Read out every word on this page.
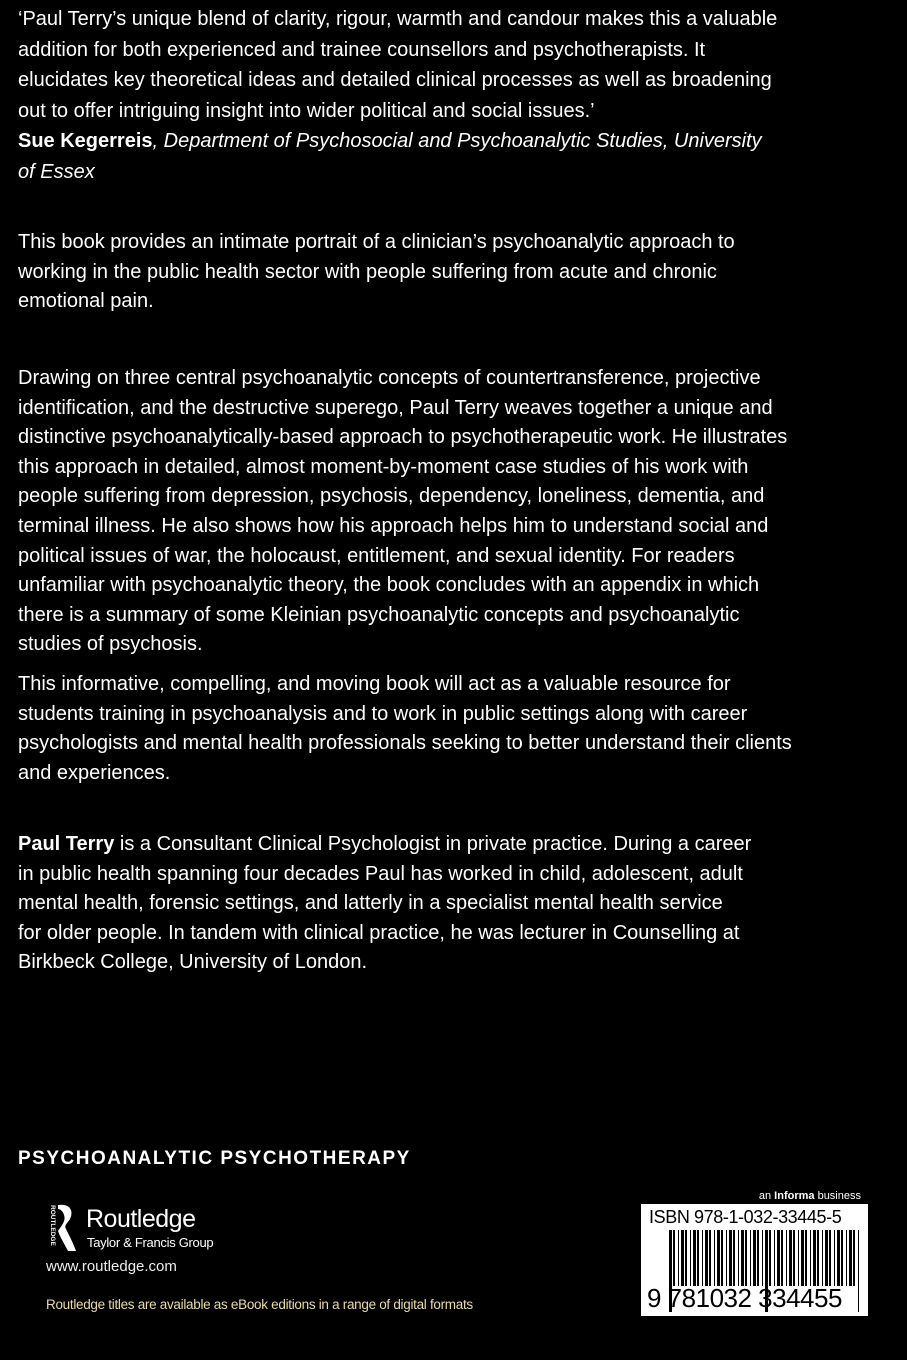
‘Paul Terry’s unique blend of clarity, rigour, warmth and candour makes this a valuable
addition for both experienced and trainee counsellors and psychotherapists. It
elucidates key theoretical ideas and detailed clinical processes as well as broadening
out to offer intriguing insight into wider political and social issues.’
Sue Kegerreis, Department of Psychosocial and Psychoanalytic Studies, University
of Essex
This book provides an intimate portrait of a clinician’s psychoanalytic approach to
working in the public health sector with people suffering from acute and chronic
emotional pain.
Drawing on three central psychoanalytic concepts of countertransference, projective
identification, and the destructive superego, Paul Terry weaves together a unique and
distinctive psychoanalytically-based approach to psychotherapeutic work. He illustrates
this approach in detailed, almost moment-by-moment case studies of his work with
people suffering from depression, psychosis, dependency, loneliness, dementia, and
terminal illness. He also shows how his approach helps him to understand social and
political issues of war, the holocaust, entitlement, and sexual identity. For readers
unfamiliar with psychoanalytic theory, the book concludes with an appendix in which
there is a summary of some Kleinian psychoanalytic concepts and psychoanalytic
studies of psychosis.
This informative, compelling, and moving book will act as a valuable resource for
students training in psychoanalysis and to work in public settings along with career
psychologists and mental health professionals seeking to better understand their clients
and experiences.
Paul Terry is a Consultant Clinical Psychologist in private practice. During a career
in public health spanning four decades Paul has worked in child, adolescent, adult
mental health, forensic settings, and latterly in a specialist mental health service
for older people. In tandem with clinical practice, he was lecturer in Counselling at
Birkbeck College, University of London.
PSYCHOANALYTIC PSYCHOTHERAPY
ROUTLEDGE Routledge
Taylor & Francis Group
www.routledge.com
Routledge titles are available as eBook editions in a range of digital formats
an Informa business
ISBN 978-1-032-33445-5
9 781032 334455
